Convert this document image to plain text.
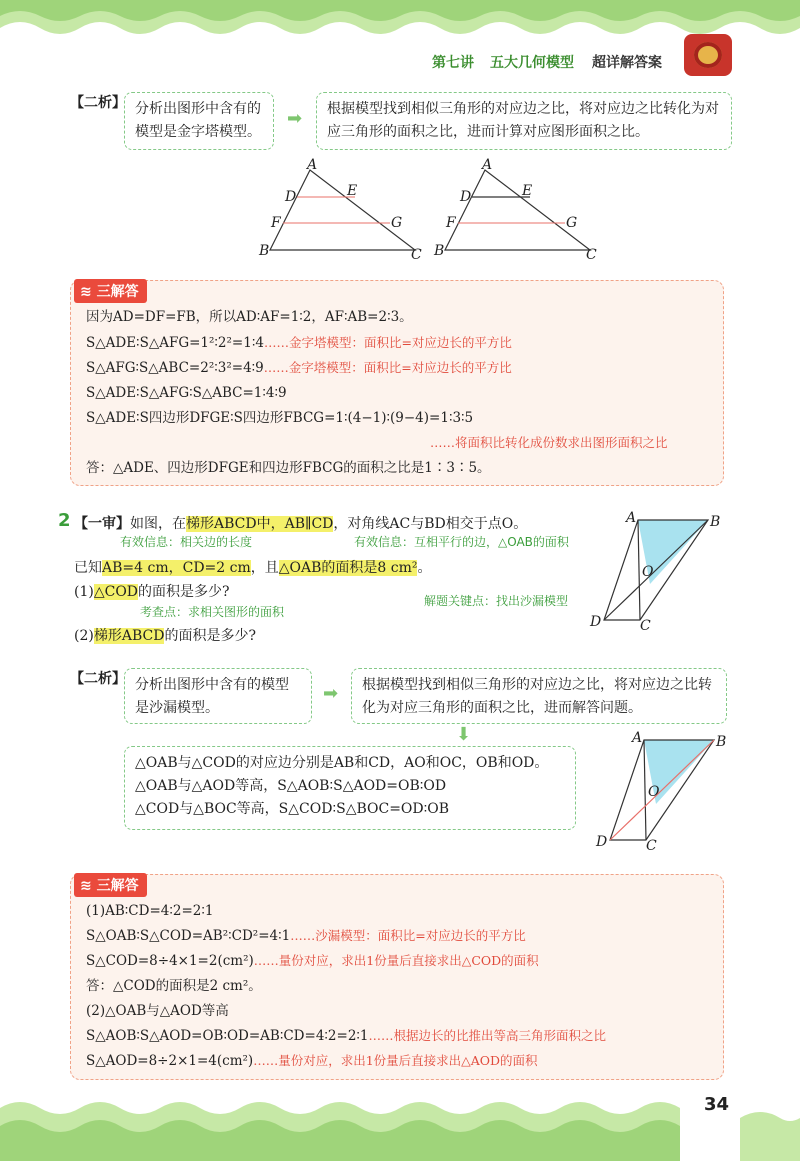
第七讲 五大几何模型 超详解答案
【二析】 分析出图形中含有的模型是金字塔模型。
➡	根据模型找到相似三角形的对应边之比，将对应边之比转化为对应三角形的面积之比，进而计算对应图形面积之比。
A
D	E
F	G
B	C
A
D	E
F	G
B	C
≋ 三解答
因为AD=DF=FB，所以AD∶AF=1∶2，AF∶AB=2∶3。
S△ADE∶S△AFG=1²∶2²=1∶4……金字塔模型：面积比=对应边长的平方比
S△AFG∶S△ABC=2²∶3²=4∶9……金字塔模型：面积比=对应边长的平方比
S△ADE∶S△AFG∶S△ABC=1∶4∶9
S△ADE∶S四边形DFGE∶S四边形FBCG=1∶(4−1)∶(9−4)=1∶3∶5
……将面积比转化成份数求出图形面积之比
答：△ADE、四边形DFGE和四边形FBCG的面积之比是1∶3∶5。
2 【一审】如图，在梯形ABCD中，AB∥CD，对角线AC与BD相交于点O。
有效信息：相关边的长度	有效信息：互相平行的边，△OAB的面积
已知AB=4 cm，CD=2 cm，且△OAB的面积是8 cm²。
(1)△COD的面积是多少?
考查点：求相关图形的面积
解题关键点：找出沙漏模型
(2)梯形ABCD的面积是多少?
A	B
O
D	C
【二析】 分析出图形中含有的模型是沙漏模型。
➡	根据模型找到相似三角形的对应边之比，将对应边之比转化为对应三角形的面积之比，进而解答问题。
⬇
△OAB与△COD的对应边分别是AB和CD，AO和OC，OB和OD。
△OAB与△AOD等高，S△AOB∶S△AOD=OB∶OD
△COD与△BOC等高，S△COD∶S△BOC=OD∶OB
A	B
O
D	C
≋ 三解答
(1)AB∶CD=4∶2=2∶1
S△OAB∶S△COD=AB²∶CD²=4∶1……沙漏模型：面积比=对应边长的平方比
S△COD=8÷4×1=2(cm²)……量份对应，求出1份量后直接求出△COD的面积
答：△COD的面积是2 cm²。
(2)△OAB与△AOD等高
S△AOB∶S△AOD=OB∶OD=AB∶CD=4∶2=2∶1……根据边长的比推出等高三角形面积之比
S△AOD=8÷2×1=4(cm²)……量份对应，求出1份量后直接求出△AOD的面积
34
